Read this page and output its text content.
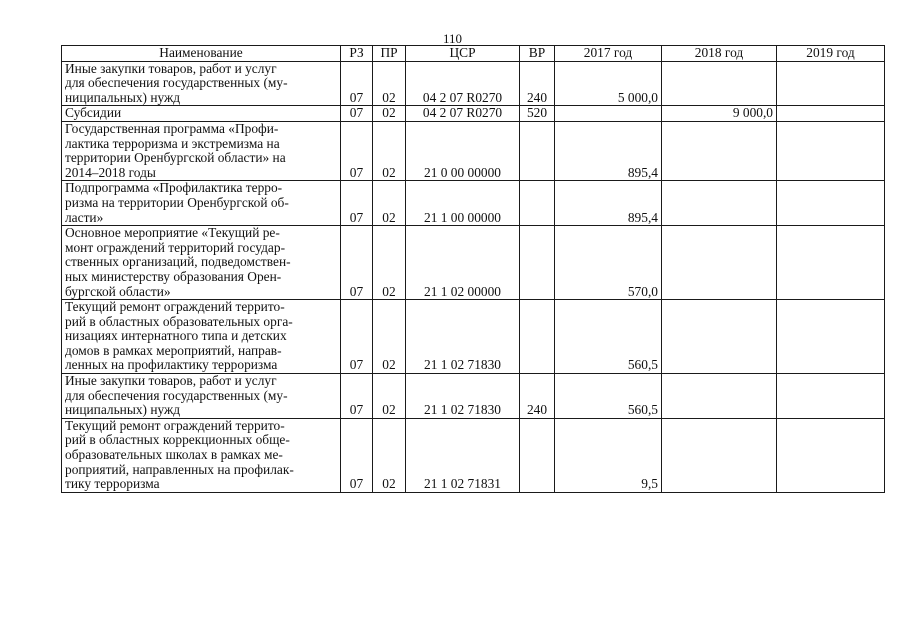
110
Наименование	РЗ	ПР	ЦСР	ВР	2017 год	2018 год	2019 год

Иные закупки товаров, работ и услуг
для обеспечения государственных (му-
ниципальных) нужд	07	02	04 2 07 R0270	240	5 000,0		

Субсидии	07	02	04 2 07 R0270	520		9 000,0	

Государственная программа «Профи-
лактика терроризма и экстремизма на
территории Оренбургской области» на
2014–2018 годы	07	02	21 0 00 00000		895,4		

Подпрограмма «Профилактика терро-
ризма на территории Оренбургской об-
ласти»	07	02	21 1 00 00000		895,4		

Основное мероприятие «Текущий ре-
монт ограждений территорий государ-
ственных организаций, подведомствен-
ных министерству образования Орен-
бургской области»	07	02	21 1 02 00000		570,0		

Текущий ремонт ограждений террито-
рий в областных образовательных орга-
низациях интернатного типа и детских
домов в рамках мероприятий, направ-
ленных на профилактику терроризма	07	02	21 1 02 71830		560,5		

Иные закупки товаров, работ и услуг
для обеспечения государственных (му-
ниципальных) нужд	07	02	21 1 02 71830	240	560,5		

Текущий ремонт ограждений террито-
рий в областных коррекционных обще-
образовательных школах в рамках ме-
роприятий, направленных на профилак-
тику терроризма	07	02	21 1 02 71831		9,5		
